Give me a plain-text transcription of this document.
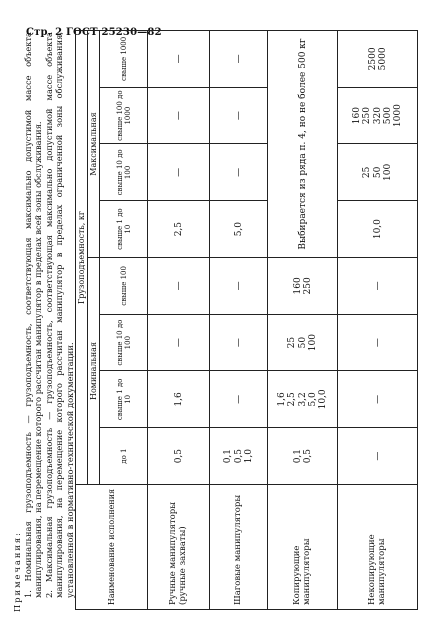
Стр. 2 ГОСТ 25230—82
Наименование исполнения	Грузоподъемность, кг							
	Номинальная				Максимальная			
	до 1	свыше 1 до 10	свыше 10 до 100	свыше 100	свыше 1 до 10	свыше 10 до 100	свыше 100 до 1000	свыше 1000
Ручные манипуляторы (ручные захваты)	0,5	1,6	—	—	2,5	—	—	—

Шаговые манипуляторы	0,1 0,5 1,0	—	—	—	5,0	—	—	—

Копирующие манипуляторы	0,1 0,5	1,6 2,5 3,2 5,0 10,0	25 50 100	160 250	Выбирается из ряда п. 4, но не более 500 кг			
Некопирующие манипуляторы	—	—	—	—	10,0	25 50 100	160 250 320 500 1000	2500 5000

Примечания: 1. Номинальная грузоподъемность — грузоподъемность, соответствующая максимально допустимой массе объекта манипулирования, на перемещение которого рассчитан манипулятор в пределах всей зоны обслуживания. 2. Максимальная грузоподъемность — грузоподъемность, соответствующая максимально допустимой массе объекта манипулирования, на перемещение которого рассчитан манипулятор в пределах ограниченной зоны обслуживания, установленной в нормативно-технической документации.
